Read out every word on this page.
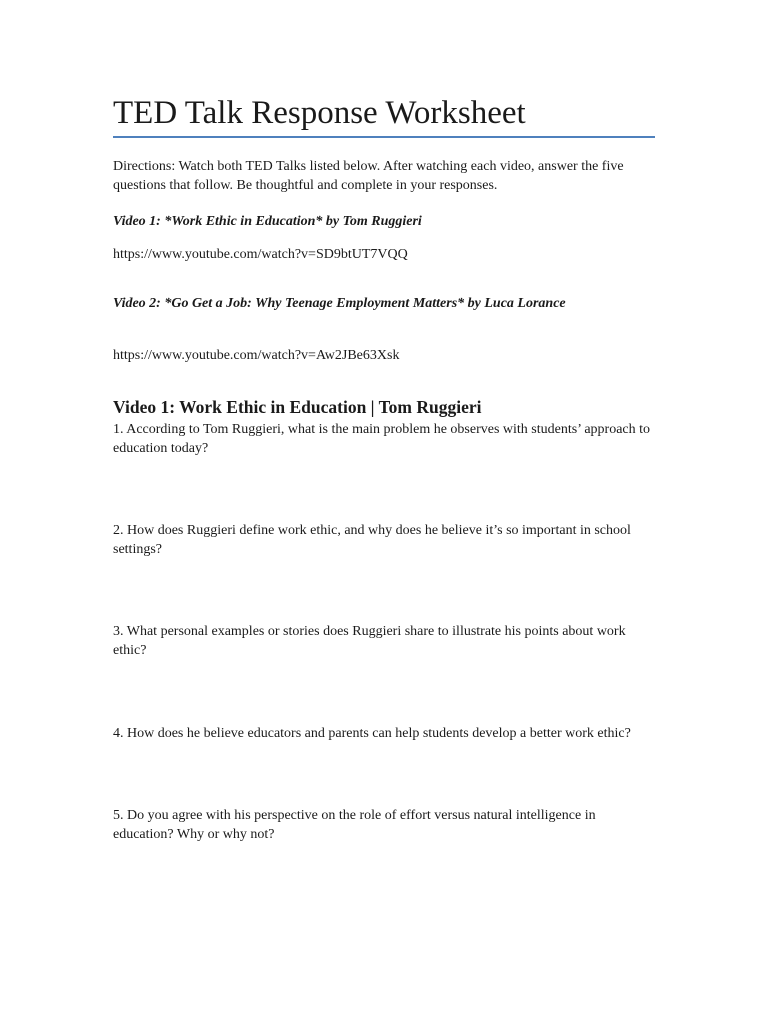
TED Talk Response Worksheet

Directions: Watch both TED Talks listed below. After watching each video, answer the five questions that follow. Be thoughtful and complete in your responses.

Video 1: *Work Ethic in Education* by Tom Ruggieri

https://www.youtube.com/watch?v=SD9btUT7VQQ

Video 2: *Go Get a Job: Why Teenage Employment Matters* by Luca Lorance

https://www.youtube.com/watch?v=Aw2JBe63Xsk

Video 1: Work Ethic in Education | Tom Ruggieri

1. According to Tom Ruggieri, what is the main problem he observes with students’ approach to education today?

2. How does Ruggieri define work ethic, and why does he believe it’s so important in school settings?

3. What personal examples or stories does Ruggieri share to illustrate his points about work ethic?

4. How does he believe educators and parents can help students develop a better work ethic?

5. Do you agree with his perspective on the role of effort versus natural intelligence in education? Why or why not?
